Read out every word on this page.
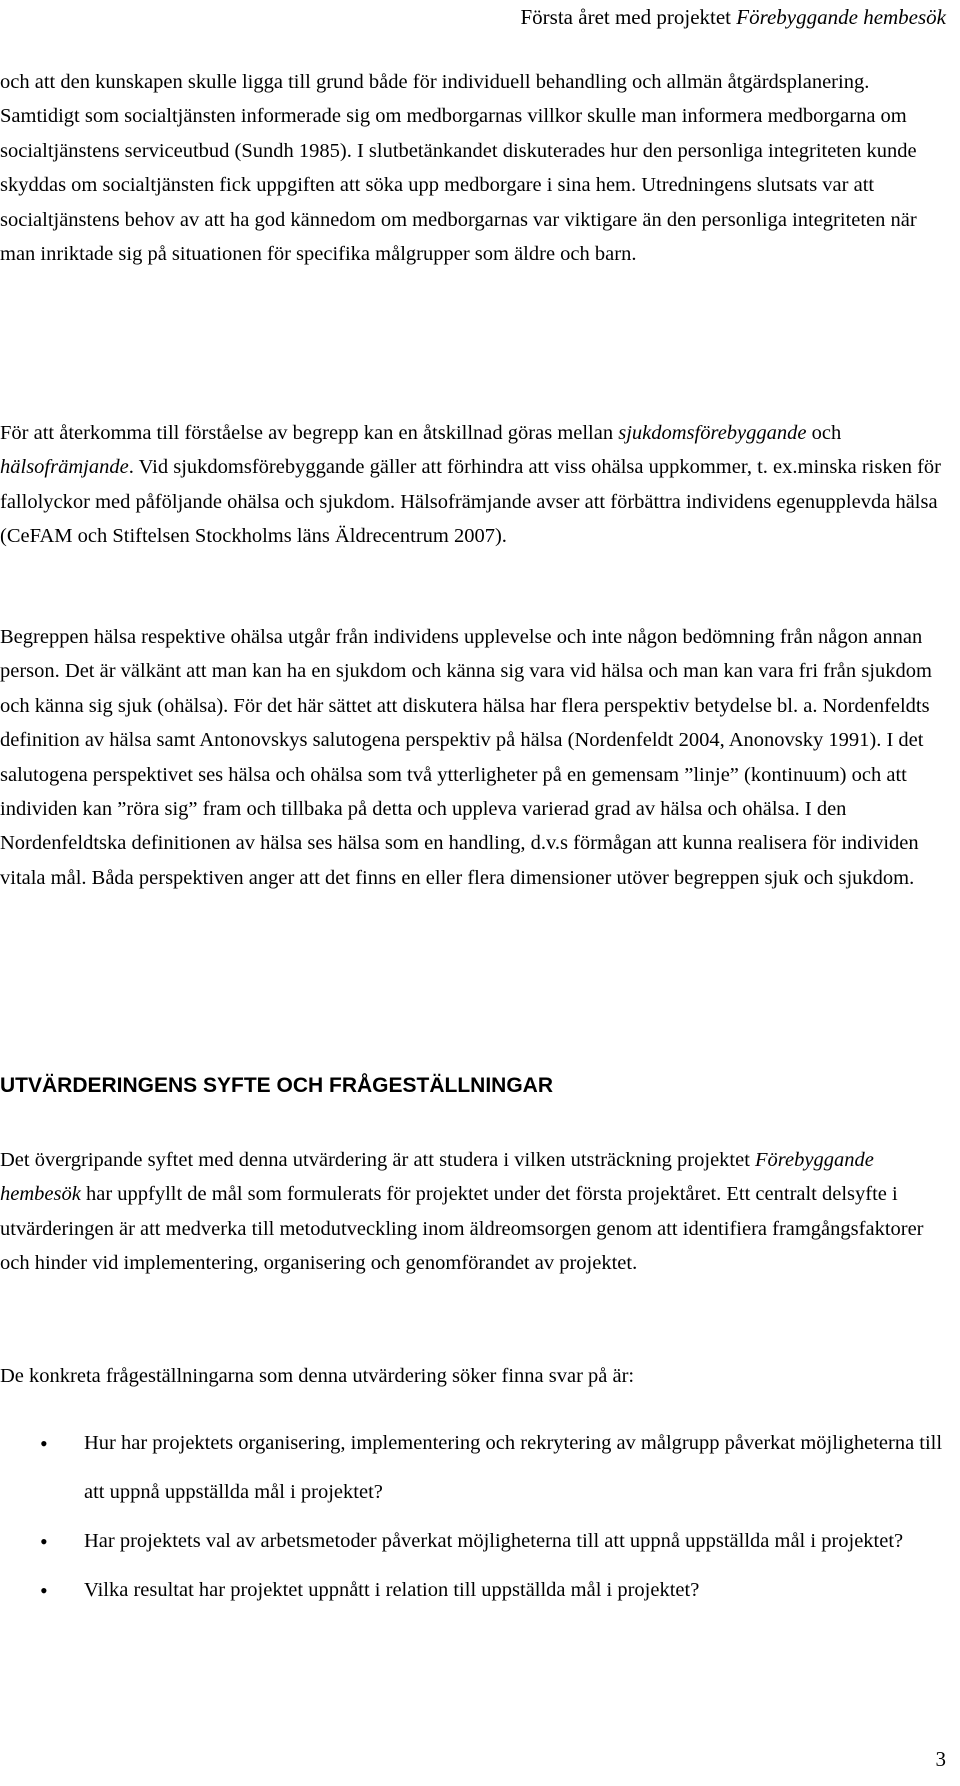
Första året med projektet Förebyggande hembesök

och att den kunskapen skulle ligga till grund både för individuell behandling och allmän åtgärdsplanering. Samtidigt som socialtjänsten informerade sig om medborgarnas villkor skulle man informera medborgarna om socialtjänstens serviceutbud (Sundh 1985). I slutbetänkandet diskuterades hur den personliga integriteten kunde skyddas om socialtjänsten fick uppgiften att söka upp medborgare i sina hem. Utredningens slutsats var att socialtjänstens behov av att ha god kännedom om medborgarnas var viktigare än den personliga integriteten när man inriktade sig på situationen för specifika målgrupper som äldre och barn.

För att återkomma till förståelse av begrepp kan en åtskillnad göras mellan sjukdomsförebyggande och hälsofrämjande. Vid sjukdomsförebyggande gäller att förhindra att viss ohälsa uppkommer, t. ex.minska risken för fallolyckor med påföljande ohälsa och sjukdom. Hälsofrämjande avser att förbättra individens egenupplevda hälsa (CeFAM och Stiftelsen Stockholms läns Äldrecentrum 2007).

Begreppen hälsa respektive ohälsa utgår från individens upplevelse och inte någon bedömning från någon annan person. Det är välkänt att man kan ha en sjukdom och känna sig vara vid hälsa och man kan vara fri från sjukdom och känna sig sjuk (ohälsa). För det här sättet att diskutera hälsa har flera perspektiv betydelse bl. a. Nordenfeldts definition av hälsa samt Antonovskys salutogena perspektiv på hälsa (Nordenfeldt 2004, Anonovsky 1991). I det salutogena perspektivet ses hälsa och ohälsa som två ytterligheter på en gemensam ”linje” (kontinuum) och att individen kan ”röra sig” fram och tillbaka på detta och uppleva varierad grad av hälsa och ohälsa. I den Nordenfeldtska definitionen av hälsa ses hälsa som en handling, d.v.s förmågan att kunna realisera för individen vitala mål. Båda perspektiven anger att det finns en eller flera dimensioner utöver begreppen sjuk och sjukdom.

UTVÄRDERINGENS SYFTE OCH FRÅGESTÄLLNINGAR

Det övergripande syftet med denna utvärdering är att studera i vilken utsträckning projektet Förebyggande hembesök har uppfyllt de mål som formulerats för projektet under det första projektåret. Ett centralt delsyfte i utvärderingen är att medverka till metodutveckling inom äldreomsorgen genom att identifiera framgångsfaktorer och hinder vid implementering, organisering och genomförandet av projektet.

De konkreta frågeställningarna som denna utvärdering söker finna svar på är:

• Hur har projektets organisering, implementering och rekrytering av målgrupp påverkat möjligheterna till att uppnå uppställda mål i projektet?
• Har projektets val av arbetsmetoder påverkat möjligheterna till att uppnå uppställda mål i projektet?
• Vilka resultat har projektet uppnått i relation till uppställda mål i projektet?
3
